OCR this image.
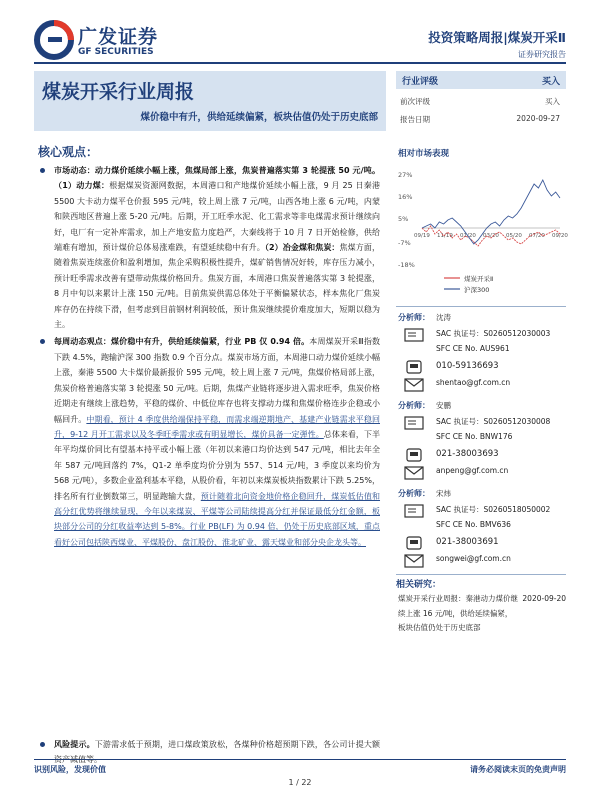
广发证券
GF SECURITIES
投资策略周报|煤炭开采Ⅱ
证券研究报告
煤炭开采行业周报
煤价稳中有升，供给延续偏紧，板块估值仍处于历史底部
核心观点：
市场动态：动力煤价延续小幅上涨，焦煤局部上涨，焦炭普遍落实第 3 轮提涨 50 元/吨。（1）动力煤：根据煤炭资源网数据，本周港口和产地煤价延续小幅上涨，9 月 25 日秦港 5500 大卡动力煤平仓价报 595 元/吨，较上周上涨 7 元/吨，山西各地上涨 6 元/吨，内蒙和陕西地区普遍上涨 5-20 元/吨。后期，开工旺季水泥、化工需求等非电煤需求预计继续向好，电厂有一定补库需求，加上产地安监力度趋严，大秦线将于 10 月 7 日开始检修，供给端难有增加，预计煤价总体易涨难跌，有望延续稳中有升。（2）冶金煤和焦炭：焦煤方面，随着焦炭连续涨价和盈利增加，焦企采购积极性提升，煤矿销售情况好转，库存压力减小，预计旺季需求改善有望带动焦煤价格回升。焦炭方面，本周港口焦炭普遍落实第 3 轮提涨，8 月中旬以来累计上涨 150 元/吨。目前焦炭供需总体处于平衡偏紧状态，样本焦化厂焦炭库存仍在持续下滑，但考虑到目前钢材利润较低，预计焦炭继续提价难度加大，短期以稳为主。
每周动态观点：煤价稳中有升，供给延续偏紧，行业 PB 仅 0.94 倍。本周煤炭开采Ⅲ指数下跌 4.5%，跑输沪深 300 指数 0.9 个百分点。煤炭市场方面，本周港口动力煤价延续小幅上涨，秦港 5500 大卡煤价最新报价 595 元/吨，较上周上涨 7 元/吨，焦煤价格局部上涨，焦炭价格普遍落实第 3 轮提涨 50 元/吨。后期，焦煤产业链将逐步进入需求旺季，焦炭价格近期走有继续上涨趋势，平稳的煤价、中低位库存也将支撑动力煤和焦煤价格连步企稳或小幅回升。中期看，预计 4 季度供给端保持平稳，而需求端逆期地产、基建产业链需求平稳回升，9-12 月开工需求以及冬季旺季需求或有明显增长，煤价具备一定弹性。总体来看，下半年平均煤价同比有望基本持平或小幅上涨（年初以来港口均价达到 547 元/吨，相比去年全年 587 元/吨回落约 7%，Q1-2 单季度均价分别为 557、514 元/吨，3 季度以来均价为 568 元/吨），多数企业盈利基本平稳，从股价看，年初以来煤炭板块指数累计下跌 5.25%，排名所有行业倒数第三，明显跑输大盘，预计随着北向资金地价格企稳回升，煤炭低估值和高分红优势将继续显现，今年以来煤炭、平煤等公司陆续提高分红并保证最低分红金额，板块部分公司的分红收益率达到 5-8%。行业 PB(LF) 为 0.94 倍，仍处于历史底部区域，重点看好公司包括陕西煤业、平煤股份、盘江股份、淮北矿业、露天煤业和部分央企龙头等。
风险提示。下游需求低于预期，进口煤政策放松，各煤种价格超预期下跌，各公司计提大额
行业评级	买入
前次评级	买入
报告日期	2020-09-27
相对市场表现
27%
16%
5%
-7%
-18%
09/19 11/19 01/20 03/20 05/20 07/20 09/20
煤炭开采Ⅱ
沪深300
分析师： 沈涛
SAC 执证号：S0260512030003
SFC CE No. AUS961
010-59136693
shentao@gf.com.cn
分析师： 安鹏
SAC 执证号：S0260512030008
SFC CE No. BNW176
021-38003693
anpeng@gf.com.cn
分析师： 宋炜
SAC 执证号：S0260518050002
SFC CE No. BMV636
021-38003691
songwei@gf.com.cn
相关研究：
煤炭开采行业周报：秦港动力煤价继续上涨 16 元/吨，供给延续偏紧，板块估值仍处于历史底部
2020-09-20
识别风险，发现价值	请务必阅读末页的免责声明
1 / 22
